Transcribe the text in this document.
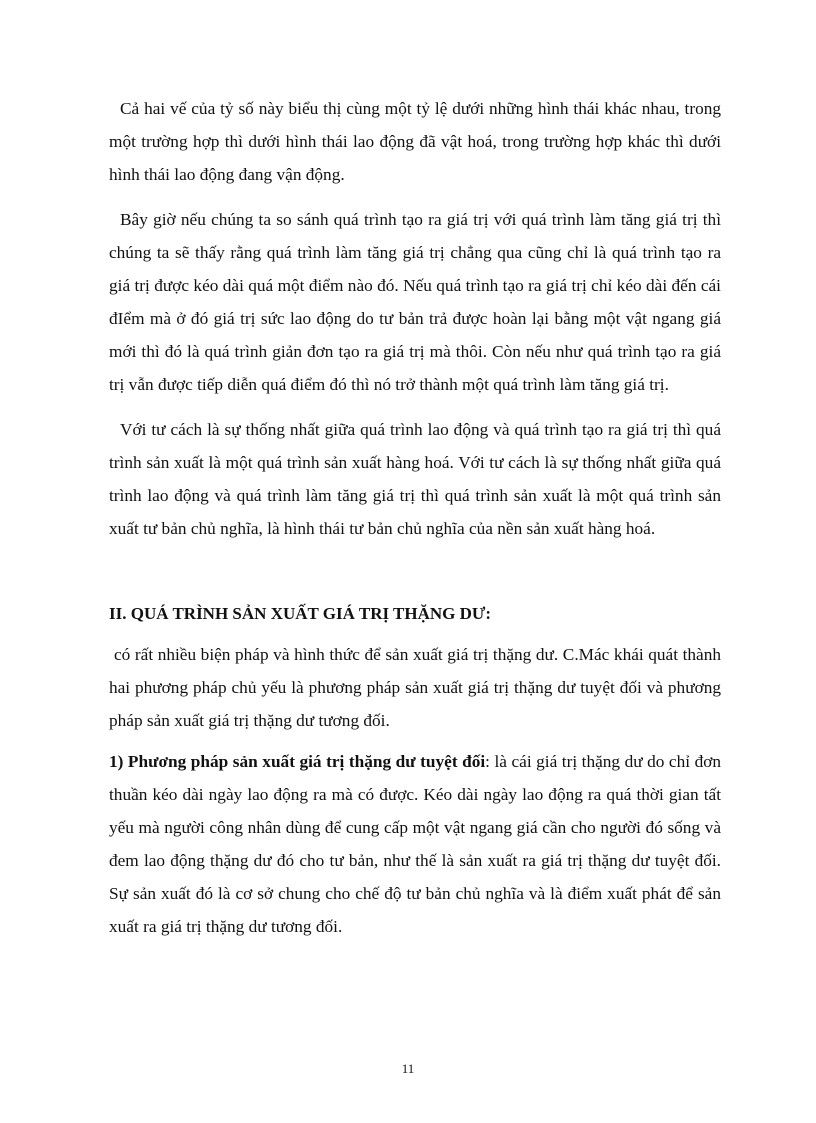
Cả hai vế của tỷ số này biểu thị cùng một tỷ lệ dưới những hình thái khác nhau, trong một trường hợp thì dưới hình thái lao động đã vật hoá, trong trường hợp khác thì dưới hình thái lao động đang vận động.

Bây giờ nếu chúng ta so sánh quá trình tạo ra giá trị với quá trình làm tăng giá trị thì chúng ta sẽ thấy rằng quá trình làm tăng giá trị chẳng qua cũng chỉ là quá trình tạo ra giá trị được kéo dài quá một điểm nào đó. Nếu quá trình tạo ra giá trị chỉ kéo dài đến cái đIểm mà ở đó giá trị sức lao động do tư bản trả được hoàn lại bằng một vật ngang giá mới thì đó là quá trình giản đơn tạo ra giá trị mà thôi. Còn nếu như quá trình tạo ra giá trị vẫn được tiếp diễn quá điểm đó thì nó trở thành một quá trình làm tăng giá trị.

Với tư cách là sự thống nhất giữa quá trình lao động và quá trình tạo ra giá trị thì quá trình sản xuất là một quá trình sản xuất hàng hoá. Với tư cách là sự thống nhất giữa quá trình lao động và quá trình làm tăng giá trị thì quá trình sản xuất là một quá trình sản xuất tư bản chủ nghĩa, là hình thái tư bản chủ nghĩa của nền sản xuất hàng hoá.

II. QUÁ TRÌNH SẢN XUẤT GIÁ TRỊ THẶNG DƯ:

có rất nhiều biện pháp và hình thức để sản xuất giá trị thặng dư. C.Mác khái quát thành hai phương pháp chủ yếu là phương pháp sản xuất giá trị thặng dư tuyệt đối và phương pháp sản xuất giá trị thặng dư tương đối.

1) Phương pháp sản xuất giá trị thặng dư tuyệt đối: là cái giá trị thặng dư do chỉ đơn thuần kéo dài ngày lao động ra mà có được. Kéo dài ngày lao động ra quá thời gian tất yếu mà người công nhân dùng để cung cấp một vật ngang giá cần cho người đó sống và đem lao động thặng dư đó cho tư bản, như thế là sản xuất ra giá trị thặng dư tuyệt đối. Sự sản xuất đó là cơ sở chung cho chế độ tư bản chủ nghĩa và là điểm xuất phát để sản xuất ra giá trị thặng dư tương đối.

11
